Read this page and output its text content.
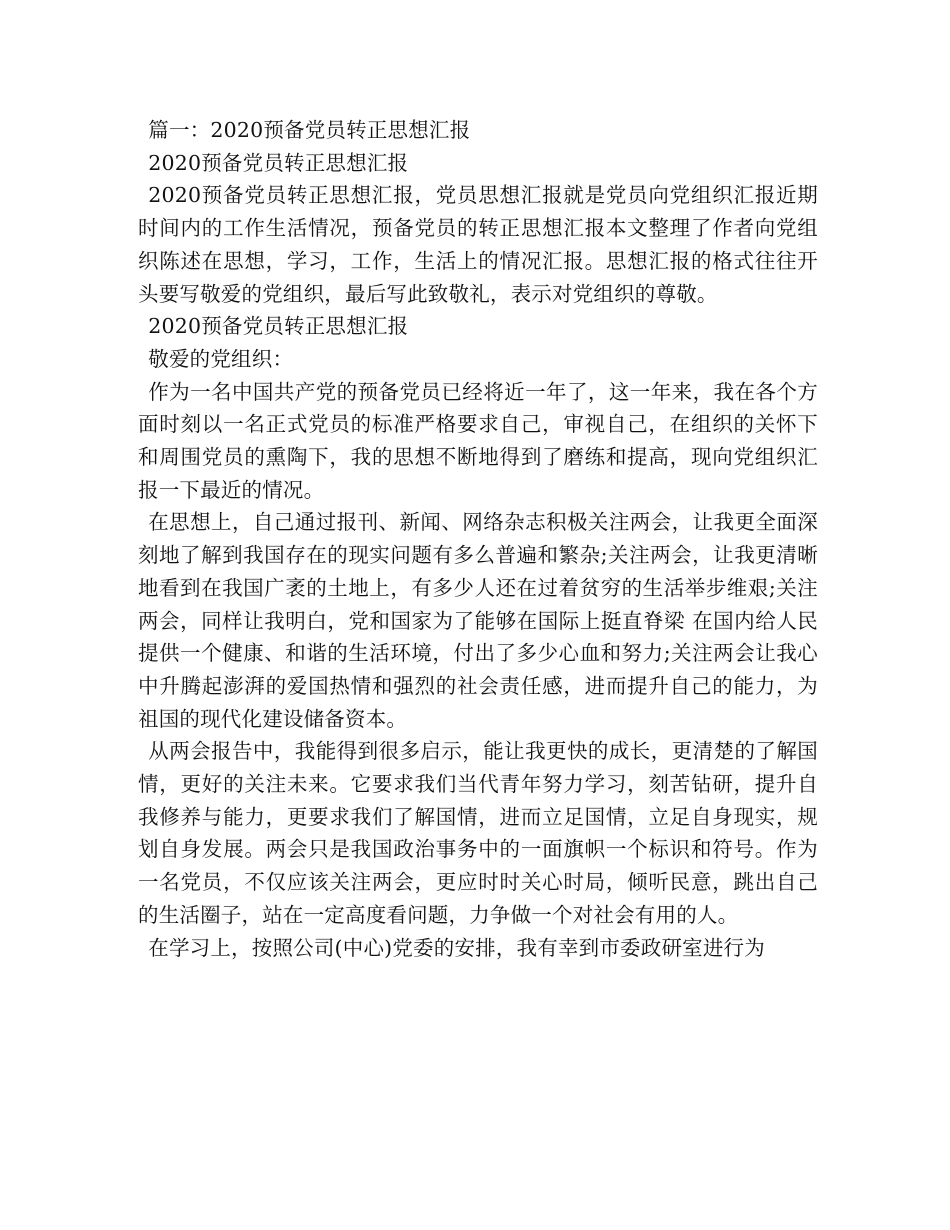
篇一：2020预备党员转正思想汇报

2020预备党员转正思想汇报

2020预备党员转正思想汇报，党员思想汇报就是党员向党组织汇报近期时间内的工作生活情况，预备党员的转正思想汇报本文整理了作者向党组织陈述在思想，学习，工作，生活上的情况汇报。思想汇报的格式往往开头要写敬爱的党组织，最后写此致敬礼，表示对党组织的尊敬。

2020预备党员转正思想汇报

敬爱的党组织：

作为一名中国共产党的预备党员已经将近一年了，这一年来，我在各个方面时刻以一名正式党员的标准严格要求自己，审视自己，在组织的关怀下和周围党员的熏陶下，我的思想不断地得到了磨练和提高，现向党组织汇报一下最近的情况。

在思想上，自己通过报刊、新闻、网络杂志积极关注两会，让我更全面深刻地了解到我国存在的现实问题有多么普遍和繁杂;关注两会，让我更清晰地看到在我国广袤的土地上，有多少人还在过着贫穷的生活举步维艰;关注两会，同样让我明白，党和国家为了能够在国际上挺直脊梁 在国内给人民提供一个健康、和谐的生活环境，付出了多少心血和努力;关注两会让我心中升腾起澎湃的爱国热情和强烈的社会责任感，进而提升自己的能力，为祖国的现代化建设储备资本。

从两会报告中，我能得到很多启示，能让我更快的成长，更清楚的了解国情，更好的关注未来。它要求我们当代青年努力学习，刻苦钻研，提升自我修养与能力，更要求我们了解国情，进而立足国情，立足自身现实，规划自身发展。两会只是我国政治事务中的一面旗帜一个标识和符号。作为一名党员，不仅应该关注两会，更应时时关心时局，倾听民意，跳出自己的生活圈子，站在一定高度看问题，力争做一个对社会有用的人。

在学习上，按照公司(中心)党委的安排，我有幸到市委政研室进行为
